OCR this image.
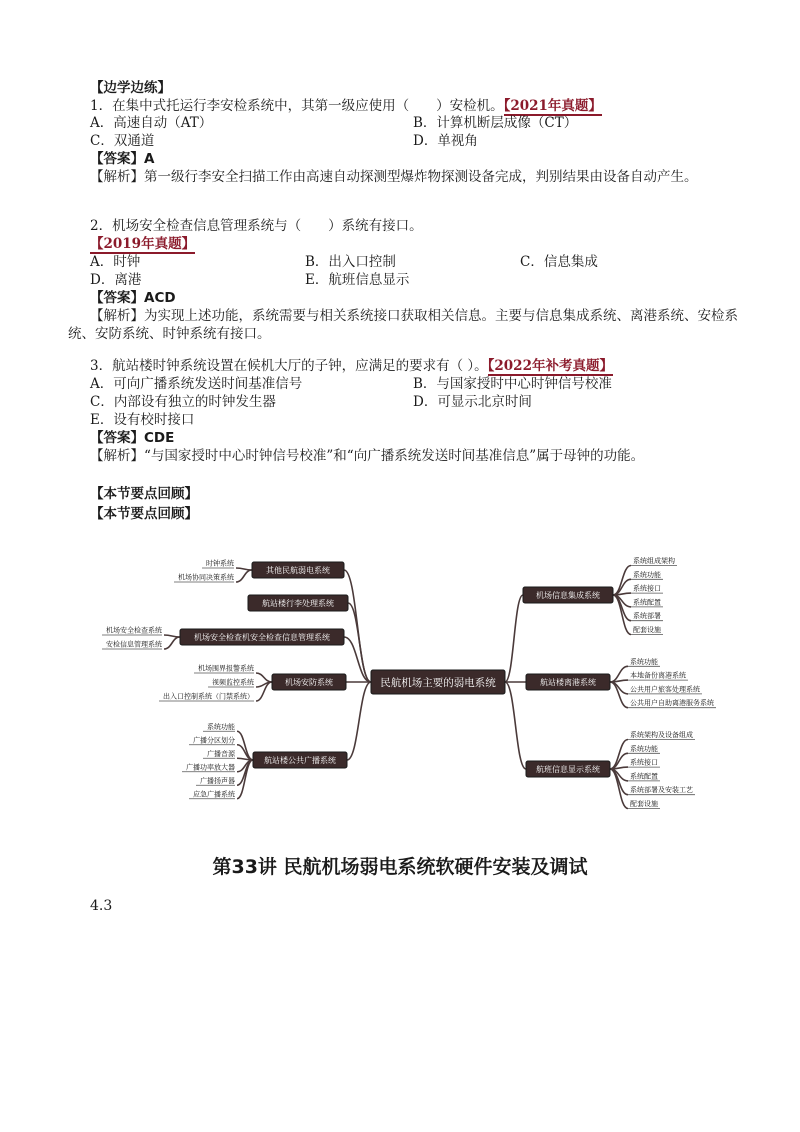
【边学边练】
1．在集中式托运行李安检系统中，其第一级应使用（　　）安检机。【2021年真题】
A．高速自动（AT）	B．计算机断层成像（CT）
C．双通道	D．单视角
【答案】A
【解析】第一级行李安全扫描工作由高速自动探测型爆炸物探测设备完成，判别结果由设备自动产生。
2．机场安全检查信息管理系统与（　　）系统有接口。
【2019年真题】
A．时钟	B．出入口控制	C．信息集成
D．离港	E．航班信息显示
【答案】ACD
【解析】为实现上述功能，系统需要与相关系统接口获取相关信息。主要与信息集成系统、离港系统、安检系统、安防系统、时钟系统有接口。
3．航站楼时钟系统设置在候机大厅的子钟，应满足的要求有（ ）。【2022年补考真题】
A．可向广播系统发送时间基准信号	B．与国家授时中心时钟信号校准
C．内部设有独立的时钟发生器	D．可显示北京时间
E．设有校时接口
【答案】CDE
【解析】“与国家授时中心时钟信号校准”和“向广播系统发送时间基准信息”属于母钟的功能。
【本节要点回顾】
【本节要点回顾】
其他民航弱电系统
时钟系统
机场协同决策系统
航站楼行李处理系统
机场安全检查机安全检查信息管理系统
机场安全检查系统
安检信息管理系统
机场安防系统
机场围界报警系统
视频监控系统
出入口控制系统（门禁系统）
航站楼公共广播系统
系统功能
广播分区划分
广播音源
广播功率放大器
广播扬声器
应急广播系统
机场信息集成系统
系统组成架构
系统功能
系统接口
系统配置
系统部署
配套设施
航站楼离港系统
系统功能
本地备份离港系统
公共用户旅客处理系统
公共用户自助离港服务系统
航班信息显示系统
系统架构及设备组成
系统功能
系统接口
系统配置
系统部署及安装工艺
配套设施
民航机场主要的弱电系统
第33讲 民航机场弱电系统软硬件安装及调试
4.3
